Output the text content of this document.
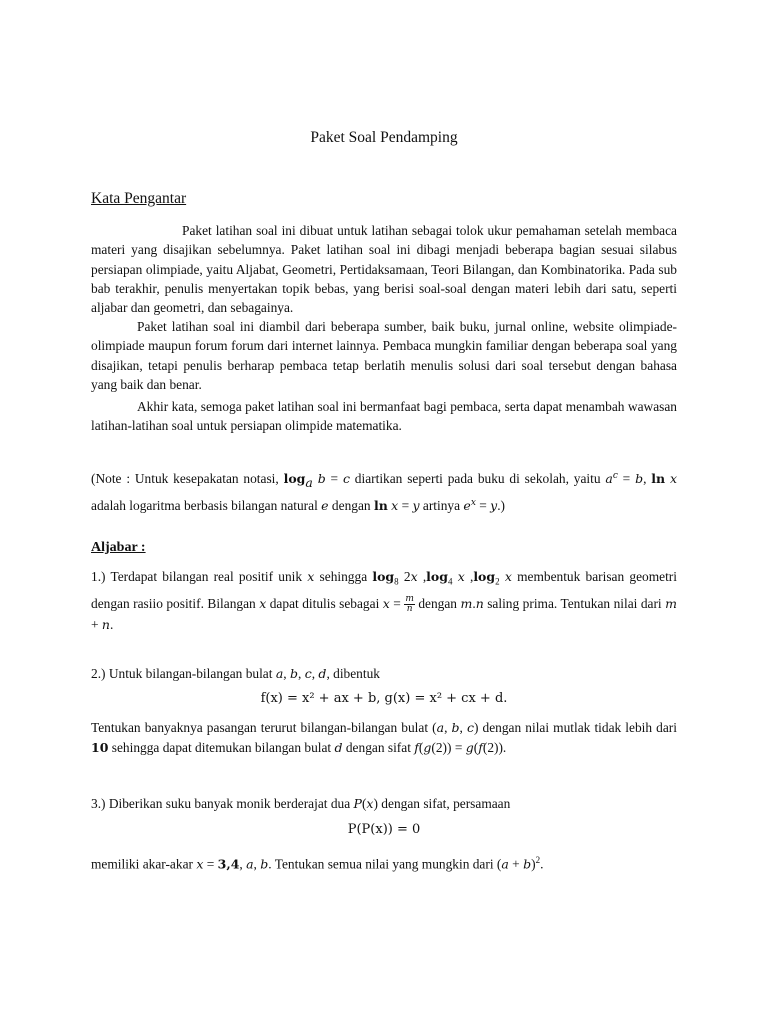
Paket Soal Pendamping
Kata Pengantar
Paket latihan soal ini dibuat untuk latihan sebagai tolok ukur pemahaman setelah membaca materi yang disajikan sebelumnya. Paket latihan soal ini dibagi menjadi beberapa bagian sesuai silabus persiapan olimpiade, yaitu Aljabat, Geometri, Pertidaksamaan, Teori Bilangan, dan Kombinatorika. Pada sub bab terakhir, penulis menyertakan topik bebas, yang berisi soal-soal dengan materi lebih dari satu, seperti aljabar dan geometri, dan sebagainya.
Paket latihan soal ini diambil dari beberapa sumber, baik buku, jurnal online, website olimpiade-olimpiade maupun forum forum dari internet lainnya. Pembaca mungkin familiar dengan beberapa soal yang disajikan, tetapi penulis berharap pembaca tetap berlatih menulis solusi dari soal tersebut dengan bahasa yang baik dan benar.
Akhir kata, semoga paket latihan soal ini bermanfaat bagi pembaca, serta dapat menambah wawasan latihan-latihan soal untuk persiapan olimpide matematika.
(Note : Untuk kesepakatan notasi, $\log_a b = c$ diartikan seperti pada buku di sekolah, yaitu $a^c = b$, ln x adalah logaritma berbasis bilangan natural e dengan ln x = y artinya $e^x = y$.)
Aljabar :
1.) Terdapat bilangan real positif unik x sehingga $\log_8 2x$ $,\log_4$ x $,\log_2$ x membentuk barisan geometri dengan rasiio positif. Bilangan x dapat ditulis sebagai $x = \frac{m}{n}$ dengan m.n saling prima. Tentukan nilai dari m + n.
2.) Untuk bilangan-bilangan bulat a, b, c, d, dibentuk
f(x) = x² + ax + b, g(x) = x² + cx + d.
Tentukan banyaknya pasangan terurut bilangan-bilangan bulat (a, b, c) dengan nilai mutlak tidak lebih dari 10 sehingga dapat ditemukan bilangan bulat d dengan sifat f(g(2)) = g(f(2)).
3.) Diberikan suku banyak monik berderajat dua P(x) dengan sifat, persamaan
P(P(x)) = 0
memiliki akar-akar x = 3,4, a, b. Tentukan semua nilai yang mungkin dari $(a + b)^2$.
